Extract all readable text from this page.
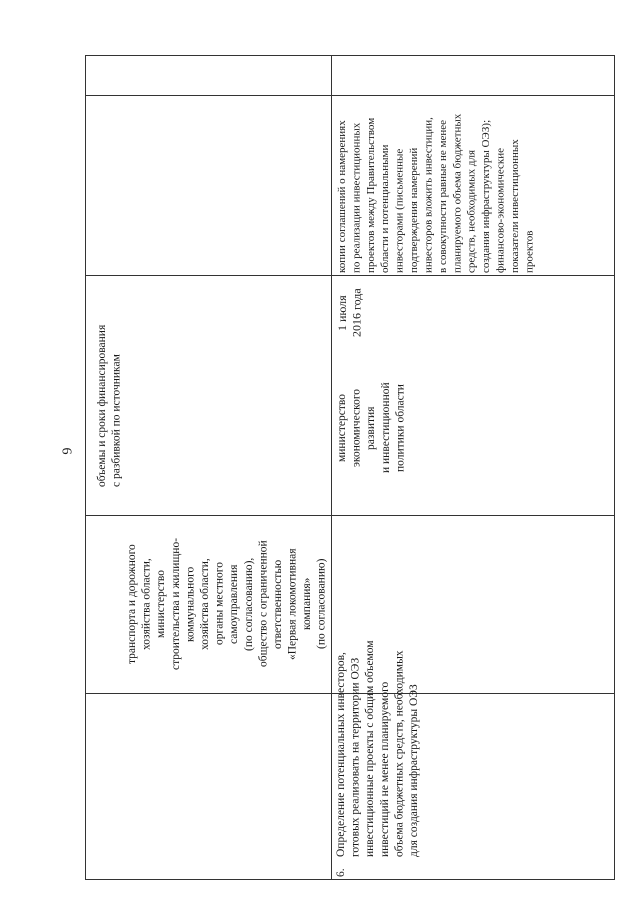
6 объемы и сроки финансирования с разбивкой по источникам
транспорта и дорожного хозяйства области, министерство строительства и жилищно- коммунального хозяйства области, органы местного самоуправления (по согласованию), общество с ограниченной ответственностью «Первая локомотивная компания» (по согласованию)
6.
Определение потенциальных инвесторов, готовых реализовать на территории ОЭЗ инвестиционные проекты с общим объемом инвестиций не менее планируемого объема бюджетных средств, необходимых для создания инфраструктуры ОЭЗ
министерство экономического развития и инвестиционной политики области
1 июля 2016 года
копии соглашений о намерениях по реализации инвестиционных проектов между Правительством области и потенциальными инвесторами (письменные подтверждения намерений инвесторов вложить инвестиции, в совокупности равные не менее планируемого объема бюджетных средств, необходимых для создания инфраструктуры ОЭЗ); финансово-экономические показатели инвестиционных проектов
